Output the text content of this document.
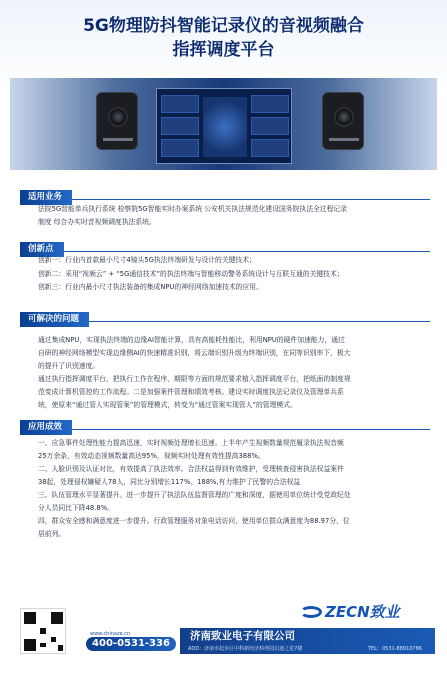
5G物理防抖智能记录仪的音视频融合
指挥调度平台
适用业务

法院5G智能单兵执行系统 检察院5G智能实时办案系统 公安机关执法规范化建设国务院执法全过程记录

制度 综合办实时音视频调度执法系统。

创新点

创新一：行业内首款最小尺寸4镜头5G执法终端研发与设计的关键技术；

创新二：采用“视频云” + “5G通信技术”的执法终端与智能移动警务系统设计与互联互通的关键技术；

创新三：行业内最小尺寸执法装备的集成NPU的神经网络加速技术的应用。

可解决的问题

通过集成NPU，实现执法终端的边缘AI智能计算，具有高能耗性能比，利用NPU的硬件加速能力，通过

自研的神经网络模型实现边缘侧AI的快速精准识别，将云端识别升级为终端识别，在同等识别率下，极大

的提升了识别速度。

通过执行指挥调度平台，把执行工作在程序、期限等方面的规范要求植入指挥调度平台，把纸面的制度规

范变成计算机管控的工作流程。二是加强案件管理和绩效考核。建设实时调度执法记录仪及管理单兵系

统，使原来“通过管人实现管案”的管理模式，转变为“通过管案实现管人”的管理模式。

应用成效

一、应急事件处理性能力提高迅速，实时视频处理增长迅速。上半年产生视频数量规范履录执法视音频

25万余条，有效动态视频数量高达95%，视频实时处理有效性提高388%。

二、人脸识别及认证对比，有效提高了执法效率。合法权益得到有效维护，受理核查侵害执法权益案件

38起，处理侵权嫌疑人78人，同比分别增长117%、188%,有力维护了民警的合法权益

三、队伍管理水平显著提升。进一步提升了执法队伍监督管理的广度和深度，据使用单位统计受党政纪处

分人员同比下降48.8%。

四，群众安全感和满意度进一步提升。行政管理服务对象电话访问，使用单位群众满意度为88.97分，位

居前列。

www.chinaze.cn
400-0531-336
ZECN致业
济南致业电子有限公司
ADD：济南市起步区中科新经济科创园启迪之星7楼	TEL：0531-88910786
